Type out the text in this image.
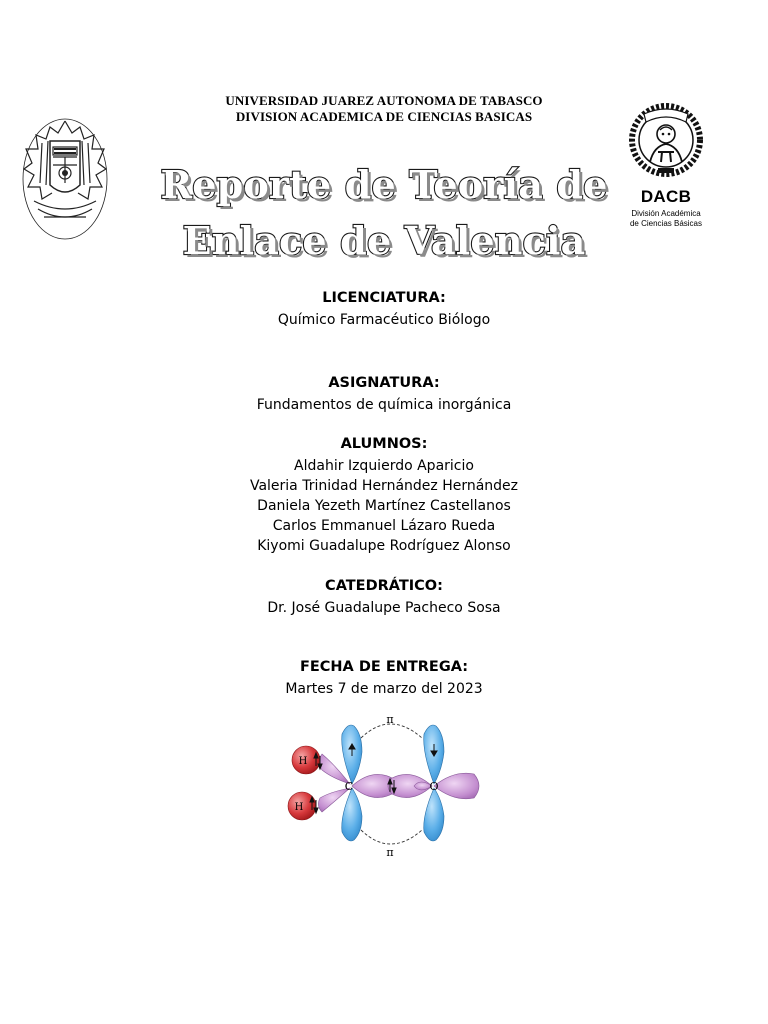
DACB
División Académica
de Ciencias Básicas
UNIVERSIDAD JUAREZ AUTONOMA DE TABASCO
DIVISION ACADEMICA DE CIENCIAS BASICAS
Reporte de Teoría de
Enlace de Valencia
LICENCIATURA:
Químico Farmacéutico Biólogo
ASIGNATURA:
Fundamentos de química inorgánica
ALUMNOS:
Aldahir Izquierdo Aparicio
Valeria Trinidad Hernández Hernández
Daniela Yezeth Martínez Castellanos
Carlos Emmanuel Lázaro Rueda
Kiyomi Guadalupe Rodríguez Alonso
CATEDRÁTICO:
Dr. José Guadalupe Pacheco Sosa
FECHA DE ENTREGA:
Martes 7 de marzo del 2023
π
π
C	O
H
H
